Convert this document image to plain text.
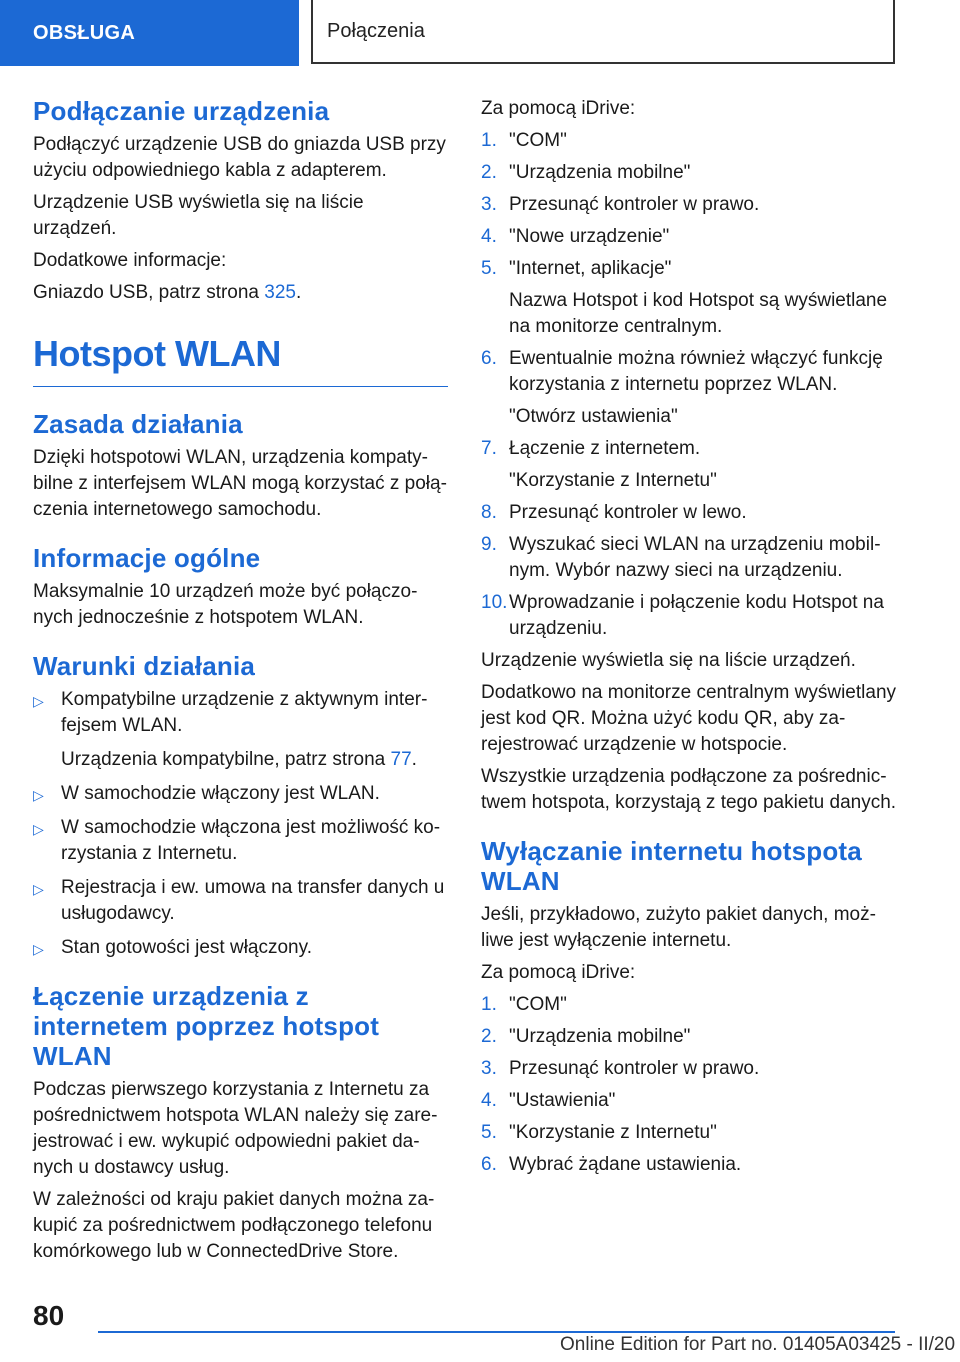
OBSŁUGA	Połączenia
Podłączanie urządzenia

Podłączyć urządzenie USB do gniazda USB przy użyciu odpowiedniego kabla z adapterem.

Urządzenie USB wyświetla się na liście urządzeń.

Dodatkowe informacje:

Gniazdo USB, patrz strona 325.

Hotspot WLAN
Zasada działania

Dzięki hotspotowi WLAN, urządzenia kompatybilne z interfejsem WLAN mogą korzystać z połączenia internetowego samochodu.

Informacje ogólne

Maksymalnie 10 urządzeń może być połączonych jednocześnie z hotspotem WLAN.

Warunki działania
▷ Kompatybilne urządzenie z aktywnym interfejsem WLAN.
Urządzenia kompatybilne, patrz strona 77.
▷ W samochodzie włączony jest WLAN.
▷ W samochodzie włączona jest możliwość korzystania z Internetu.
▷ Rejestracja i ew. umowa na transfer danych u usługodawcy.
▷ Stan gotowości jest włączony.
Łączenie urządzenia z internetem poprzez hotspot WLAN

Podczas pierwszego korzystania z Internetu za pośrednictwem hotspota WLAN należy się zarejestrować i ew. wykupić odpowiedni pakiet danych u dostawcy usług.

W zależności od kraju pakiet danych można zakupić za pośrednictwem podłączonego telefonu komórkowego lub w ConnectedDrive Store.

Za pomocą iDrive:

1. "COM"
2. "Urządzenia mobilne"
3. Przesunąć kontroler w prawo.
4. "Nowe urządzenie"
5. "Internet, aplikacje"
Nazwa Hotspot i kod Hotspot są wyświetlane na monitorze centralnym.
6. Ewentualnie można również włączyć funkcję korzystania z internetu poprzez WLAN.
"Otwórz ustawienia"
7. Łączenie z internetem.
"Korzystanie z Internetu"
8. Przesunąć kontroler w lewo.
9. Wyszukać sieci WLAN na urządzeniu mobilnym. Wybór nazwy sieci na urządzeniu.
10. Wprowadzanie i połączenie kodu Hotspot na urządzeniu.

Urządzenie wyświetla się na liście urządzeń.

Dodatkowo na monitorze centralnym wyświetlany jest kod QR. Można użyć kodu QR, aby zarejestrować urządzenie w hotspocie.

Wszystkie urządzenia podłączone za pośrednictwem hotspota, korzystają z tego pakietu danych.

Wyłączanie internetu hotspota WLAN

Jeśli, przykładowo, zużyto pakiet danych, możliwe jest wyłączenie internetu.

Za pomocą iDrive:

1. "COM"
2. "Urządzenia mobilne"
3. Przesunąć kontroler w prawo.
4. "Ustawienia"
5. "Korzystanie z Internetu"
6. Wybrać żądane ustawienia.
80
Online Edition for Part no. 01405A03425 - II/20
